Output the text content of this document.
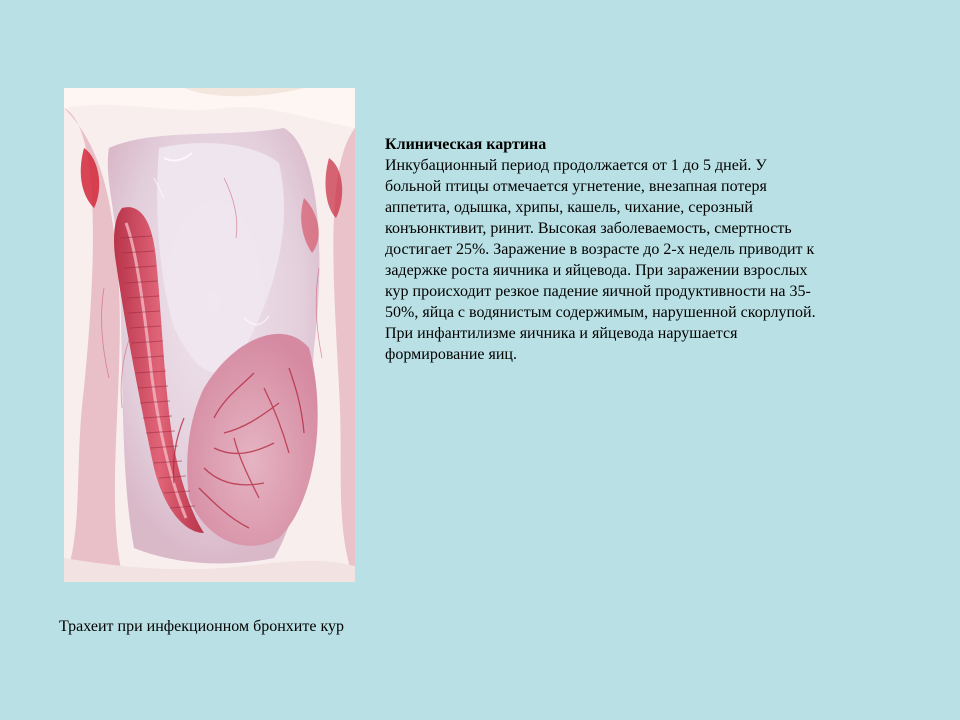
Клиническая картина
Инкубационный период продолжается от 1 до 5 дней. У
больной птицы отмечается угнетение, внезапная потеря
аппетита, одышка, хрипы, кашель, чихание, серозный
конъюнктивит, ринит. Высокая заболеваемость, смертность
достигает 25%. Заражение в возрасте до 2-х недель приводит к
задержке роста яичника и яйцевода. При заражении взрослых
кур происходит резкое падение яичной продуктивности на 35-
50%, яйца с водянистым содержимым, нарушенной скорлупой.
При инфантилизме яичника и яйцевода нарушается
формирование яиц.
Трахеит при инфекционном бронхите кур
